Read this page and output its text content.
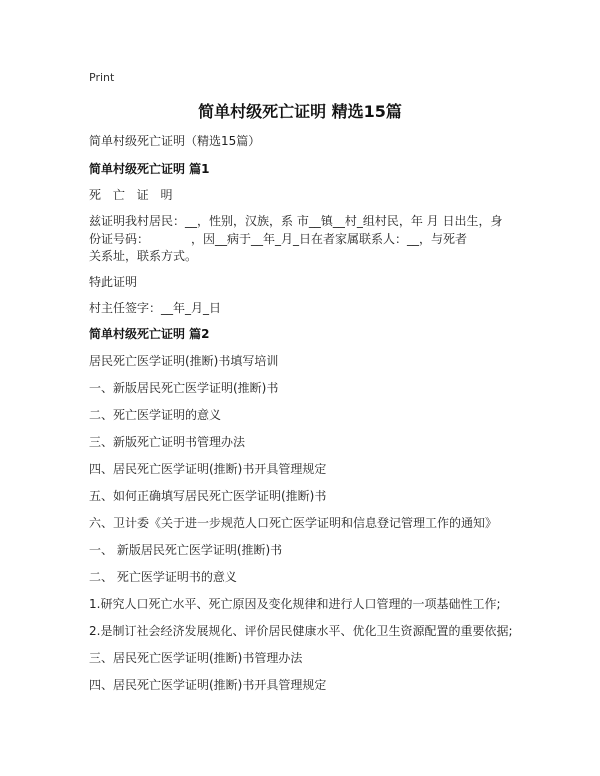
Print
简单村级死亡证明 精选15篇
简单村级死亡证明（精选15篇）
简单村级死亡证明 篇1
死 亡 证 明
兹证明我村居民：__，性别，汉族，系 市__镇__村_组村民，年 月 日出生，身
份证号码：　　　　，因__病于__年_月_日在者家属联系人：__，与死者
关系址，联系方式。
特此证明
村主任签字：__年_月_日
简单村级死亡证明 篇2
居民死亡医学证明(推断)书填写培训
一、新版居民死亡医学证明(推断)书
二、死亡医学证明的意义
三、新版死亡证明书管理办法
四、居民死亡医学证明(推断)书开具管理规定
五、如何正确填写居民死亡医学证明(推断)书
六、卫计委《关于进一步规范人口死亡医学证明和信息登记管理工作的通知》
一、 新版居民死亡医学证明(推断)书
二、 死亡医学证明书的意义
1.研究人口死亡水平、死亡原因及变化规律和进行人口管理的一项基础性工作;
2.是制订社会经济发展规化、评价居民健康水平、优化卫生资源配置的重要依据;
三、居民死亡医学证明(推断)书管理办法
四、居民死亡医学证明(推断)书开具管理规定
